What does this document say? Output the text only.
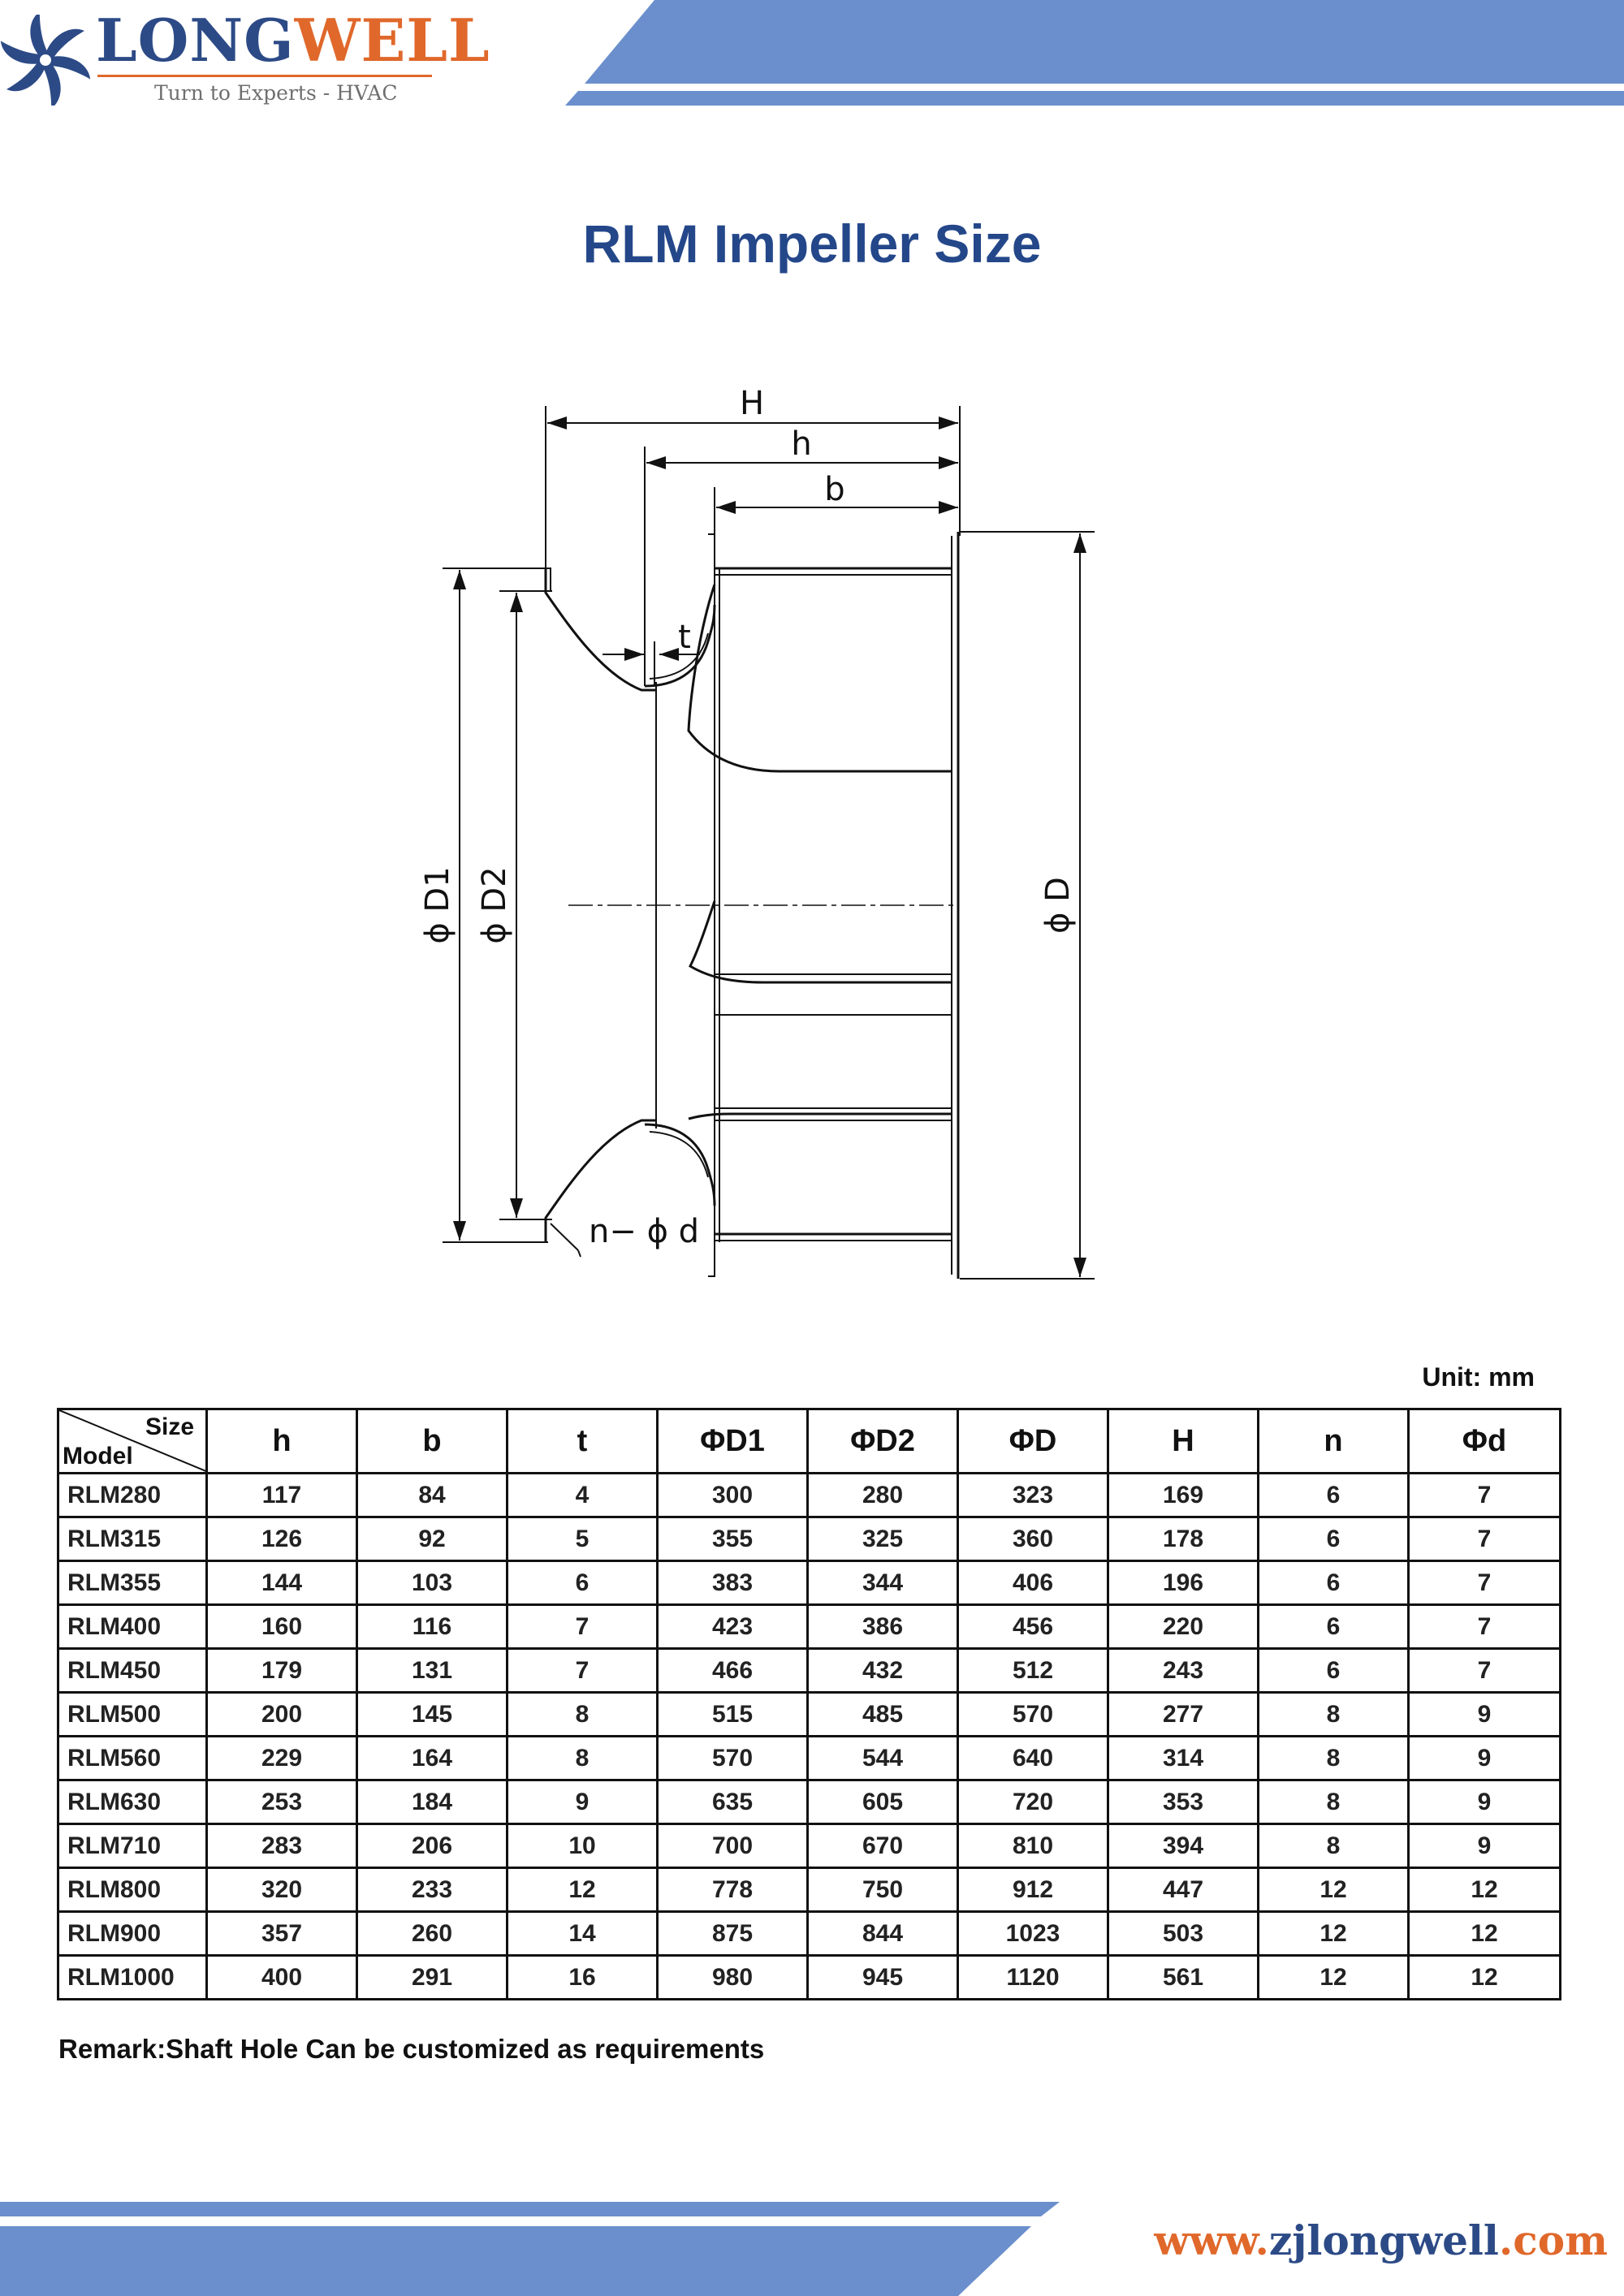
LONGWELL
Turn to Experts - HVAC
RLM Impeller Size
H
h
b
t
n− ϕ d
ϕ D1 ϕ D2	ϕ D
Unit: mm
Size
Model	h	b	t	ΦD1	ΦD2	ΦD	H	n	Φd
RLM280	117	84	4	300	280	323	169	6	7
RLM315	126	92	5	355	325	360	178	6	7
RLM355	144	103	6	383	344	406	196	6	7
RLM400	160	116	7	423	386	456	220	6	7
RLM450	179	131	7	466	432	512	243	6	7
RLM500	200	145	8	515	485	570	277	8	9
RLM560	229	164	8	570	544	640	314	8	9
RLM630	253	184	9	635	605	720	353	8	9
RLM710	283	206	10	700	670	810	394	8	9
RLM800	320	233	12	778	750	912	447	12	12
RLM900	357	260	14	875	844	1023	503	12	12
RLM1000	400	291	16	980	945	1120	561	12	12
Remark:Shaft Hole Can be customized as requirements
www.zjlongwell.com
